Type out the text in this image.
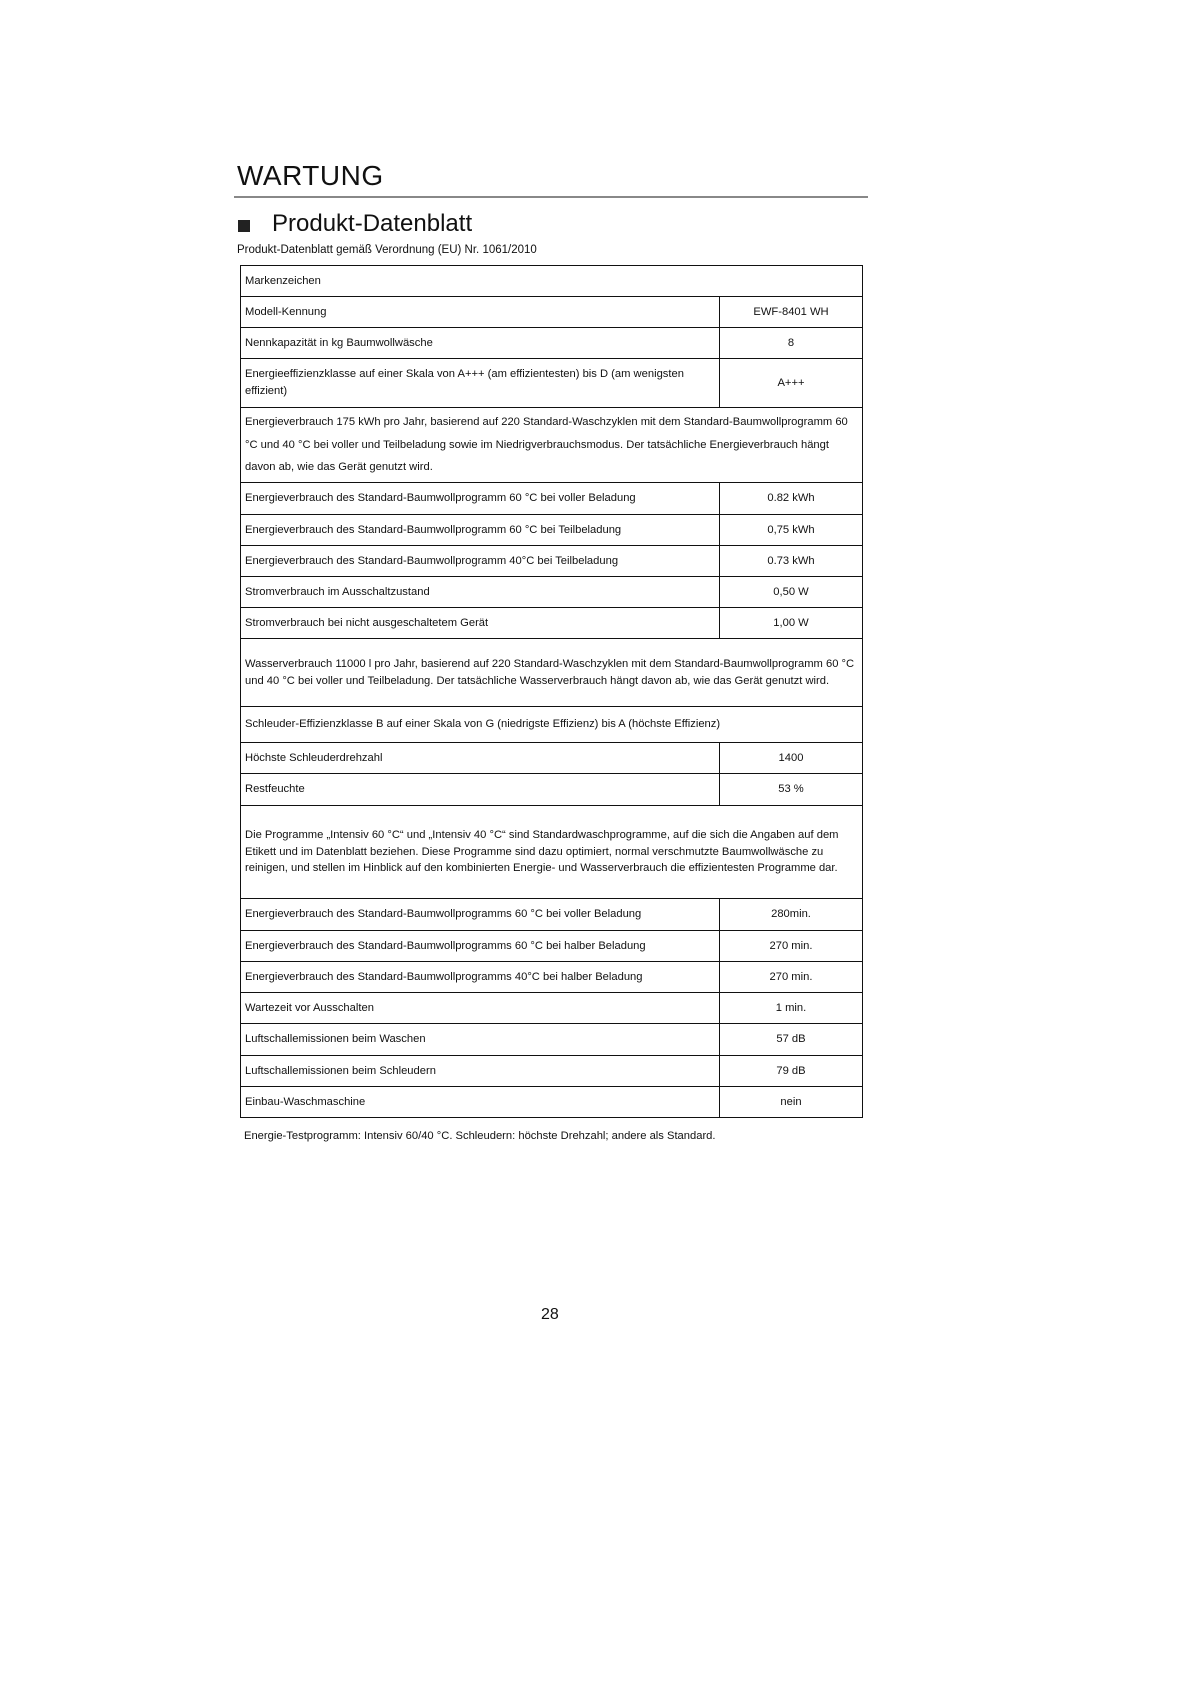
WARTUNG
Produkt-Datenblatt
Produkt-Datenblatt gemäß Verordnung (EU) Nr. 1061/2010
Markenzeichen	
Modell-Kennung	EWF-8401 WH
Nennkapazität in kg Baumwollwäsche	8
Energieeffizienzklasse auf einer Skala von A+++ (am effizientesten) bis D (am wenigsten effizient)	A+++
Energieverbrauch 175 kWh pro Jahr, basierend auf 220 Standard-Waschzyklen mit dem Standard-Baumwollprogramm 60 °C und 40 °C bei voller und Teilbeladung sowie im Niedrigverbrauchsmodus. Der tatsächliche Energieverbrauch hängt davon ab, wie das Gerät genutzt wird.	
Energieverbrauch des Standard-Baumwollprogramm 60 °C bei voller Beladung	0.82 kWh
Energieverbrauch des Standard-Baumwollprogramm 60 °C bei Teilbeladung	0,75 kWh
Energieverbrauch des Standard-Baumwollprogramm 40°C bei Teilbeladung	0.73 kWh
Stromverbrauch im Ausschaltzustand	0,50 W
Stromverbrauch bei nicht ausgeschaltetem Gerät	1,00 W
Wasserverbrauch 11000 l pro Jahr, basierend auf 220 Standard-Waschzyklen mit dem Standard-Baumwollprogramm 60 °C und 40 °C bei voller und Teilbeladung. Der tatsächliche Wasserverbrauch hängt davon ab, wie das Gerät genutzt wird.	
Schleuder-Effizienzklasse B auf einer Skala von G (niedrigste Effizienz) bis A (höchste Effizienz)	
Höchste Schleuderdrehzahl	1400
Restfeuchte	53 %
Die Programme „Intensiv 60 °C“ und „Intensiv 40 °C“ sind Standardwaschprogramme, auf die sich die Angaben auf dem Etikett und im Datenblatt beziehen. Diese Programme sind dazu optimiert, normal verschmutzte Baumwollwäsche zu reinigen, und stellen im Hinblick auf den kombinierten Energie- und Wasserverbrauch die effizientesten Programme dar.	
Energieverbrauch des Standard-Baumwollprogramms 60 °C bei voller Beladung	280min.
Energieverbrauch des Standard-Baumwollprogramms 60 °C bei halber Beladung	270 min.
Energieverbrauch des Standard-Baumwollprogramms 40°C bei halber Beladung	270 min.
Wartezeit vor Ausschalten	1 min.
Luftschallemissionen beim Waschen	57 dB
Luftschallemissionen beim Schleudern	79 dB
Einbau-Waschmaschine	nein
Energie-Testprogramm: Intensiv 60/40 °C. Schleudern: höchste Drehzahl; andere als Standard.
28
